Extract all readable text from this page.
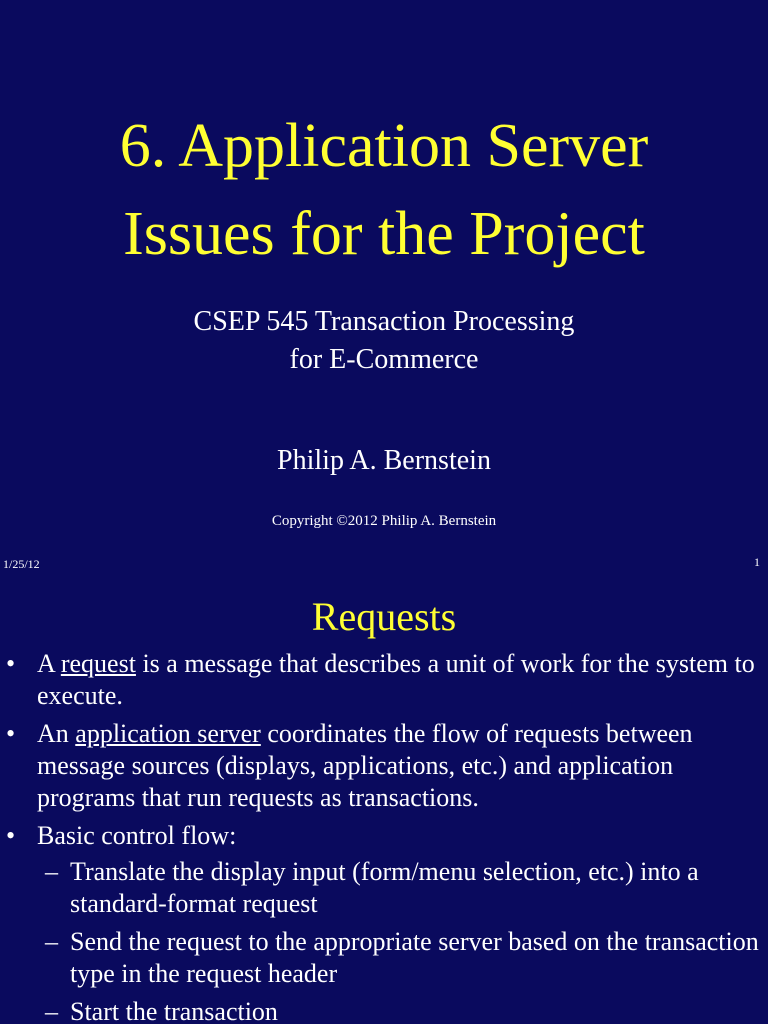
6. Application Server
Issues for the Project
CSEP 545 Transaction Processing
for E-Commerce
Philip A. Bernstein
Copyright ©2012 Philip A. Bernstein
1/25/12	1
Requests
• A request is a message that describes a unit of work for the system to execute.
• An application server coordinates the flow of requests between message sources (displays, applications, etc.) and application programs that run requests as transactions.
• Basic control flow:
– Translate the display input (form/menu selection, etc.) into a standard-format request
– Send the request to the appropriate server based on the transaction type in the request header
– Start the transaction
